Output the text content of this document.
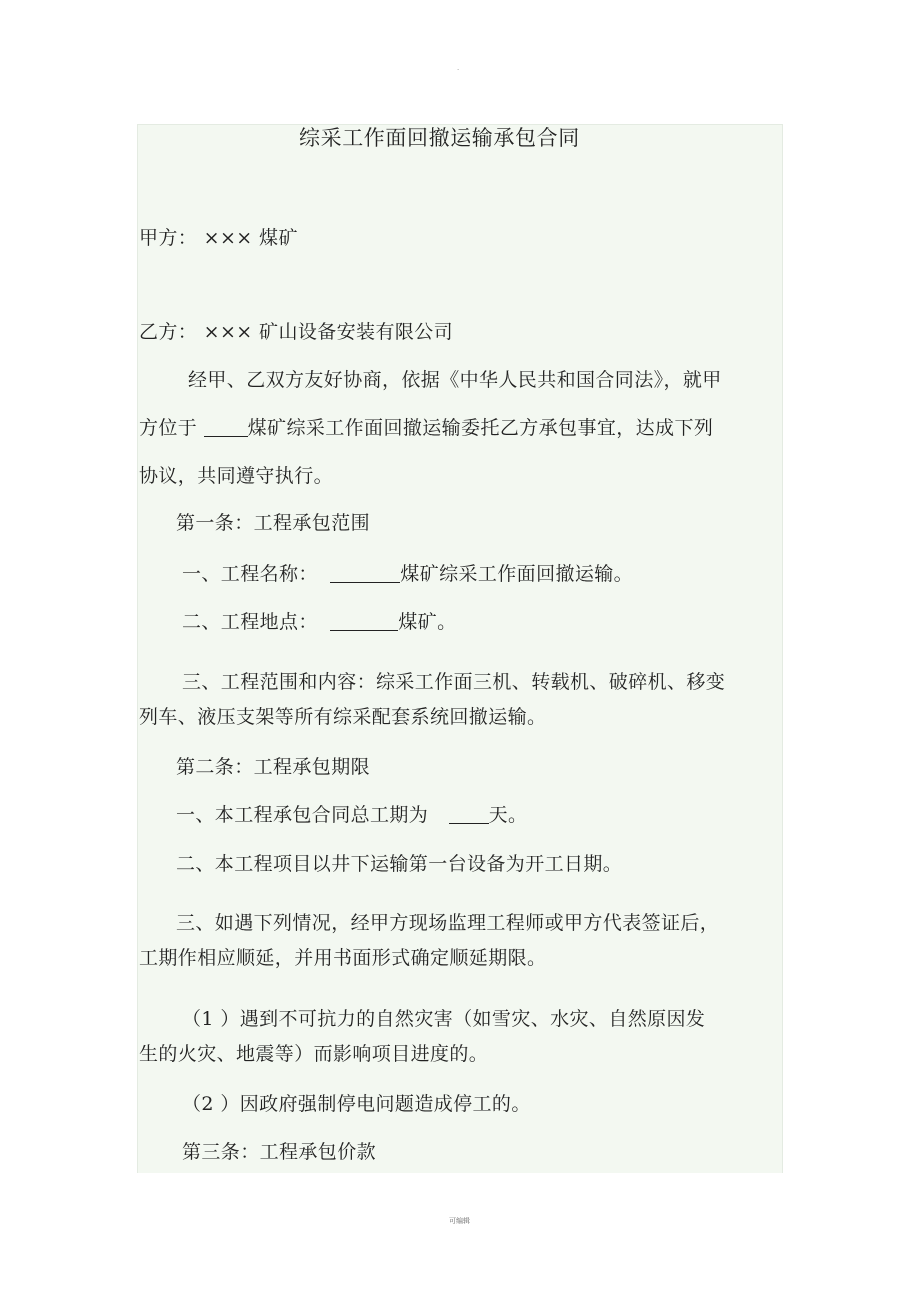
·
综采工作面回撤运输承包合同
甲方： ××× 煤矿
乙方： ××× 矿山设备安装有限公司
经甲、乙双方友好协商，依据《中华人民共和国合同法》，就甲
方位于	煤矿综采工作面回撤运输委托乙方承包事宜，达成下列
协议，共同遵守执行。
第一条：工程承包范围
一、工程名称：	煤矿综采工作面回撤运输。
二、工程地点：	煤矿。
三、工程范围和内容：综采工作面三机、转载机、破碎机、移变
列车、液压支架等所有综采配套系统回撤运输。
第二条：工程承包期限
一、本工程承包合同总工期为	天。
二、本工程项目以井下运输第一台设备为开工日期。
三、如遇下列情况，经甲方现场监理工程师或甲方代表签证后，
工期作相应顺延，并用书面形式确定顺延期限。
（1 ）遇到不可抗力的自然灾害（如雪灾、水灾、自然原因发
生的火灾、地震等）而影响项目进度的。
（2 ）因政府强制停电问题造成停工的。
第三条：工程承包价款
可编辑
